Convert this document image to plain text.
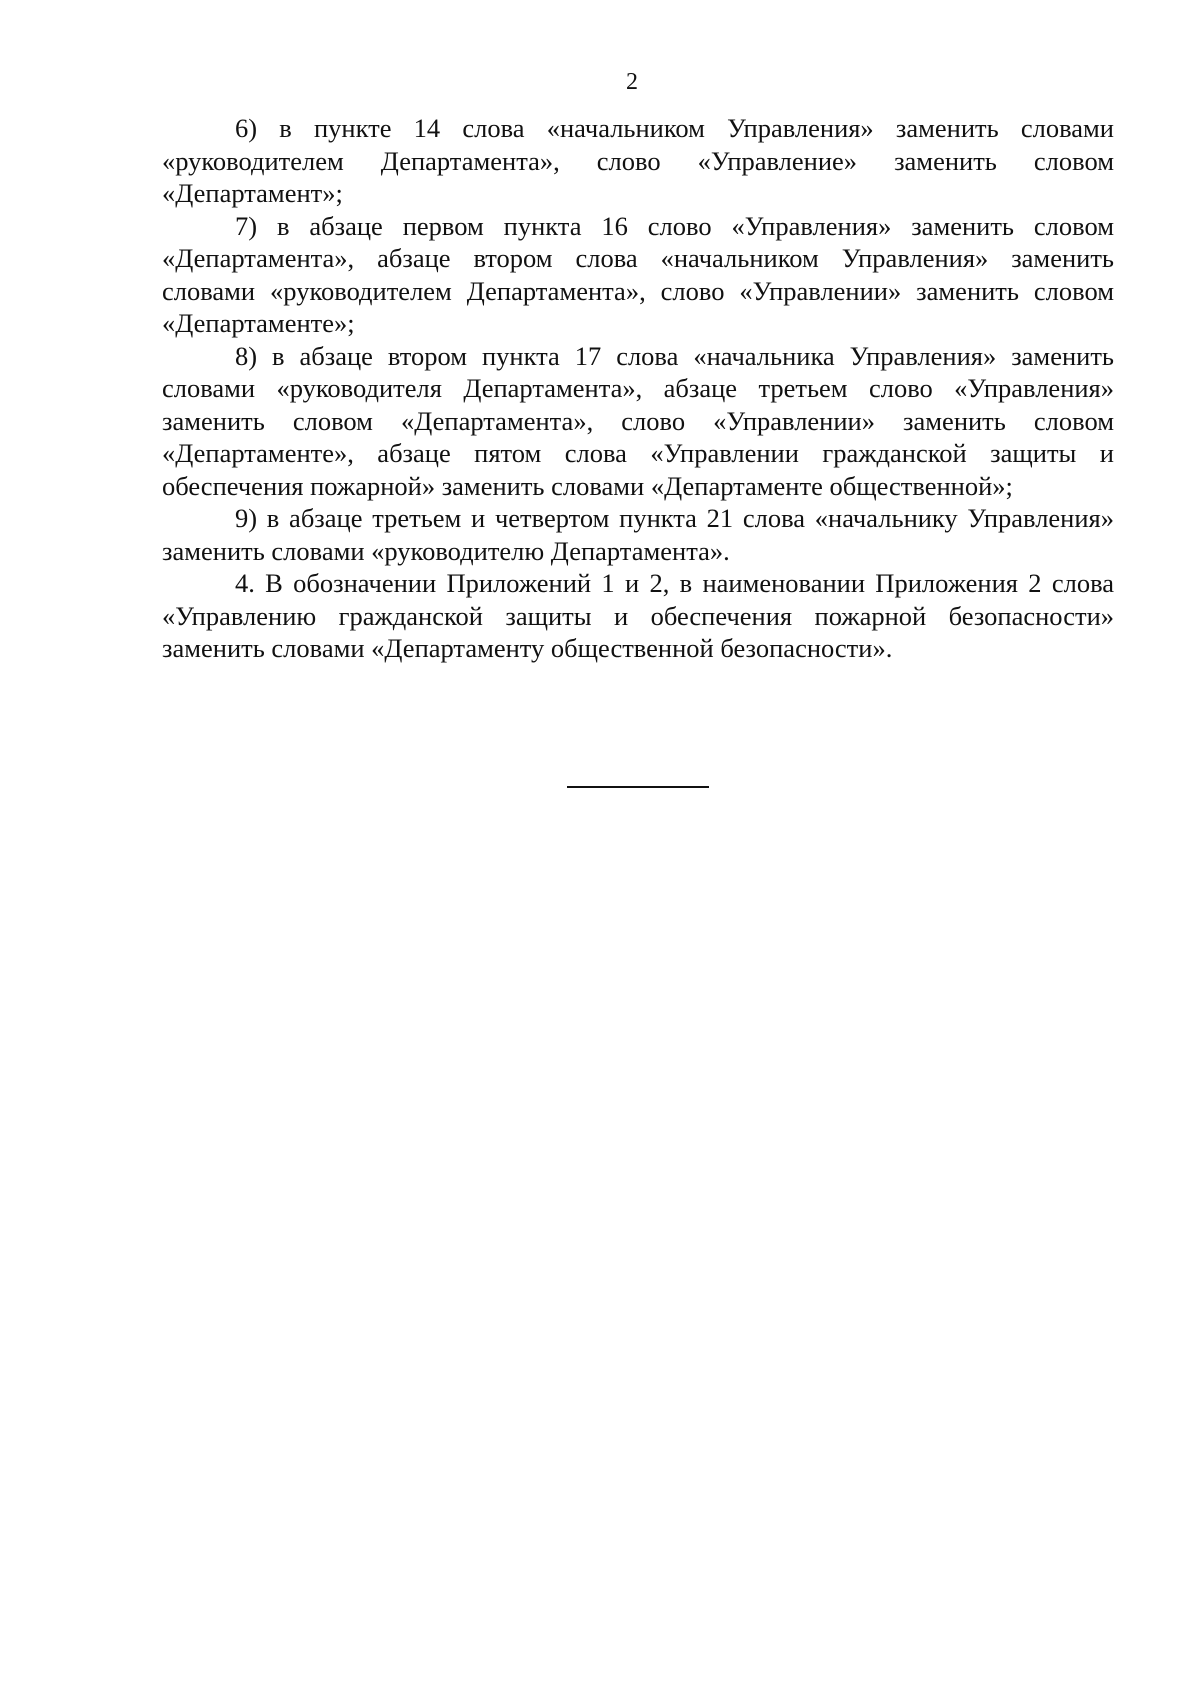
2

6) в пункте 14 слова «начальником Управления» заменить словами «руководителем Департамента», слово «Управление» заменить словом «Департамент»;

7) в абзаце первом пункта 16 слово «Управления» заменить словом «Департамента», абзаце втором слова «начальником Управления» заменить словами «руководителем Департамента», слово «Управлении» заменить словом «Департаменте»;

8) в абзаце втором пункта 17 слова «начальника Управления» заменить словами «руководителя Департамента», абзаце третьем слово «Управления» заменить словом «Департамента», слово «Управлении» заменить словом «Департаменте», абзаце пятом слова «Управлении гражданской защиты и обеспечения пожарной» заменить словами «Департаменте общественной»;

9) в абзаце третьем и четвертом пункта 21 слова «начальнику Управления» заменить словами «руководителю Департамента».

4. В обозначении Приложений 1 и 2, в наименовании Приложения 2 слова «Управлению гражданской защиты и обеспечения пожарной безопасности» заменить словами «Департаменту общественной безопасности».
